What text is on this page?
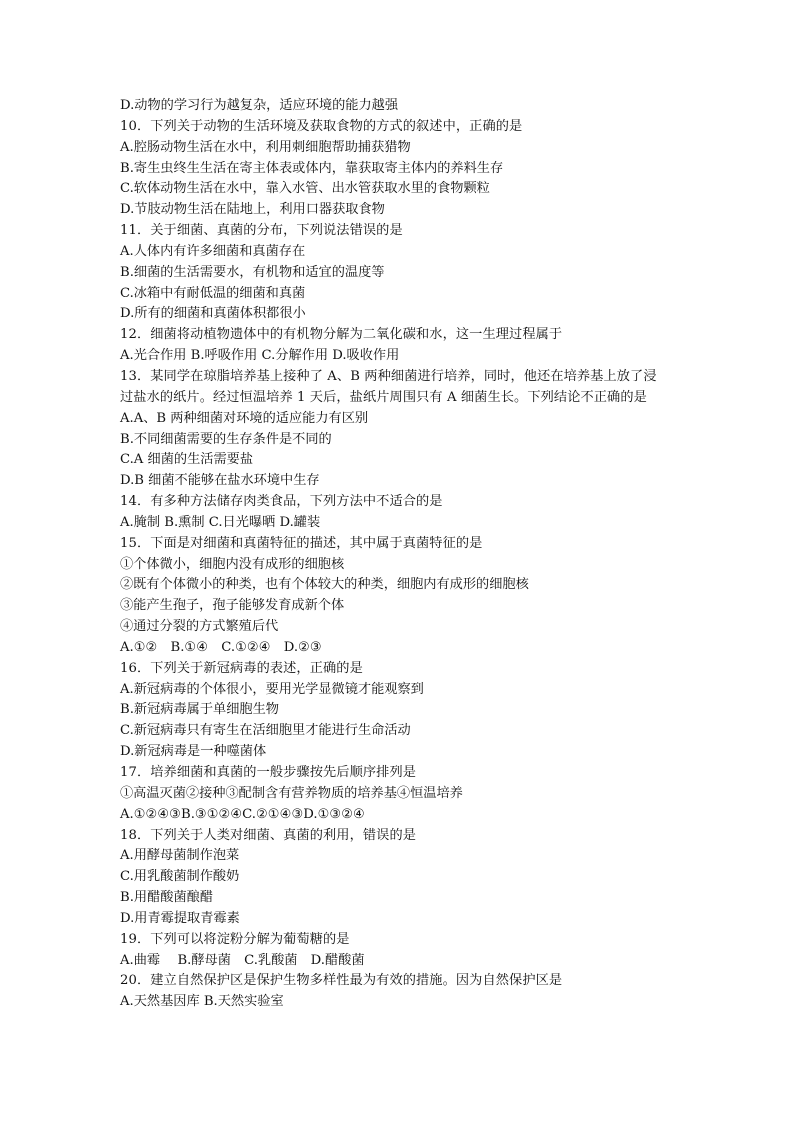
D.动物的学习行为越复杂，适应环境的能力越强
10．下列关于动物的生活环境及获取食物的方式的叙述中，正确的是
A.腔肠动物生活在水中，利用刺细胞帮助捕获猎物
B.寄生虫终生生活在寄主体表或体内，靠获取寄主体内的养料生存
C.软体动物生活在水中，靠入水管、出水管获取水里的食物颗粒
D.节肢动物生活在陆地上，利用口器获取食物
11．关于细菌、真菌的分布，下列说法错误的是
A.人体内有许多细菌和真菌存在
B.细菌的生活需要水，有机物和适宜的温度等
C.冰箱中有耐低温的细菌和真菌
D.所有的细菌和真菌体积都很小
12．细菌将动植物遗体中的有机物分解为二氧化碳和水，这一生理过程属于
A.光合作用 B.呼吸作用 C.分解作用 D.吸收作用
13．某同学在琼脂培养基上接种了 A、B 两种细菌进行培养，同时，他还在培养基上放了浸
过盐水的纸片。经过恒温培养 1 天后，盐纸片周围只有 A 细菌生长。下列结论不正确的是
A.A、B 两种细菌对环境的适应能力有区别
B.不同细菌需要的生存条件是不同的
C.A 细菌的生活需要盐
D.B 细菌不能够在盐水环境中生存
14．有多种方法储存肉类食品，下列方法中不适合的是
A.腌制 B.熏制 C.日光曝晒 D.罐装
15．下面是对细菌和真菌特征的描述，其中属于真菌特征的是
①个体微小，细胞内没有成形的细胞核
②既有个体微小的种类，也有个体较大的种类，细胞内有成形的细胞核
③能产生孢子，孢子能够发育成新个体
④通过分裂的方式繁殖后代
A.①②　B.①④　C.①②④　D.②③
16．下列关于新冠病毒的表述，正确的是
A.新冠病毒的个体很小，要用光学显微镜才能观察到
B.新冠病毒属于单细胞生物
C.新冠病毒只有寄生在活细胞里才能进行生命活动
D.新冠病毒是一种噬菌体
17．培养细菌和真菌的一般步骤按先后顺序排列是
①高温灭菌②接种③配制含有营养物质的培养基④恒温培养
A.①②④③B.③①②④C.②①④③D.①③②④
18．下列关于人类对细菌、真菌的利用，错误的是
A.用酵母菌制作泡菜
C.用乳酸菌制作酸奶
B.用醋酸菌酿醋
D.用青霉提取青霉素
19．下列可以将淀粉分解为葡萄糖的是
A.曲霉　 B.酵母菌　C.乳酸菌　D.醋酸菌
20．建立自然保护区是保护生物多样性最为有效的措施。因为自然保护区是
A.天然基因库 B.天然实验室
